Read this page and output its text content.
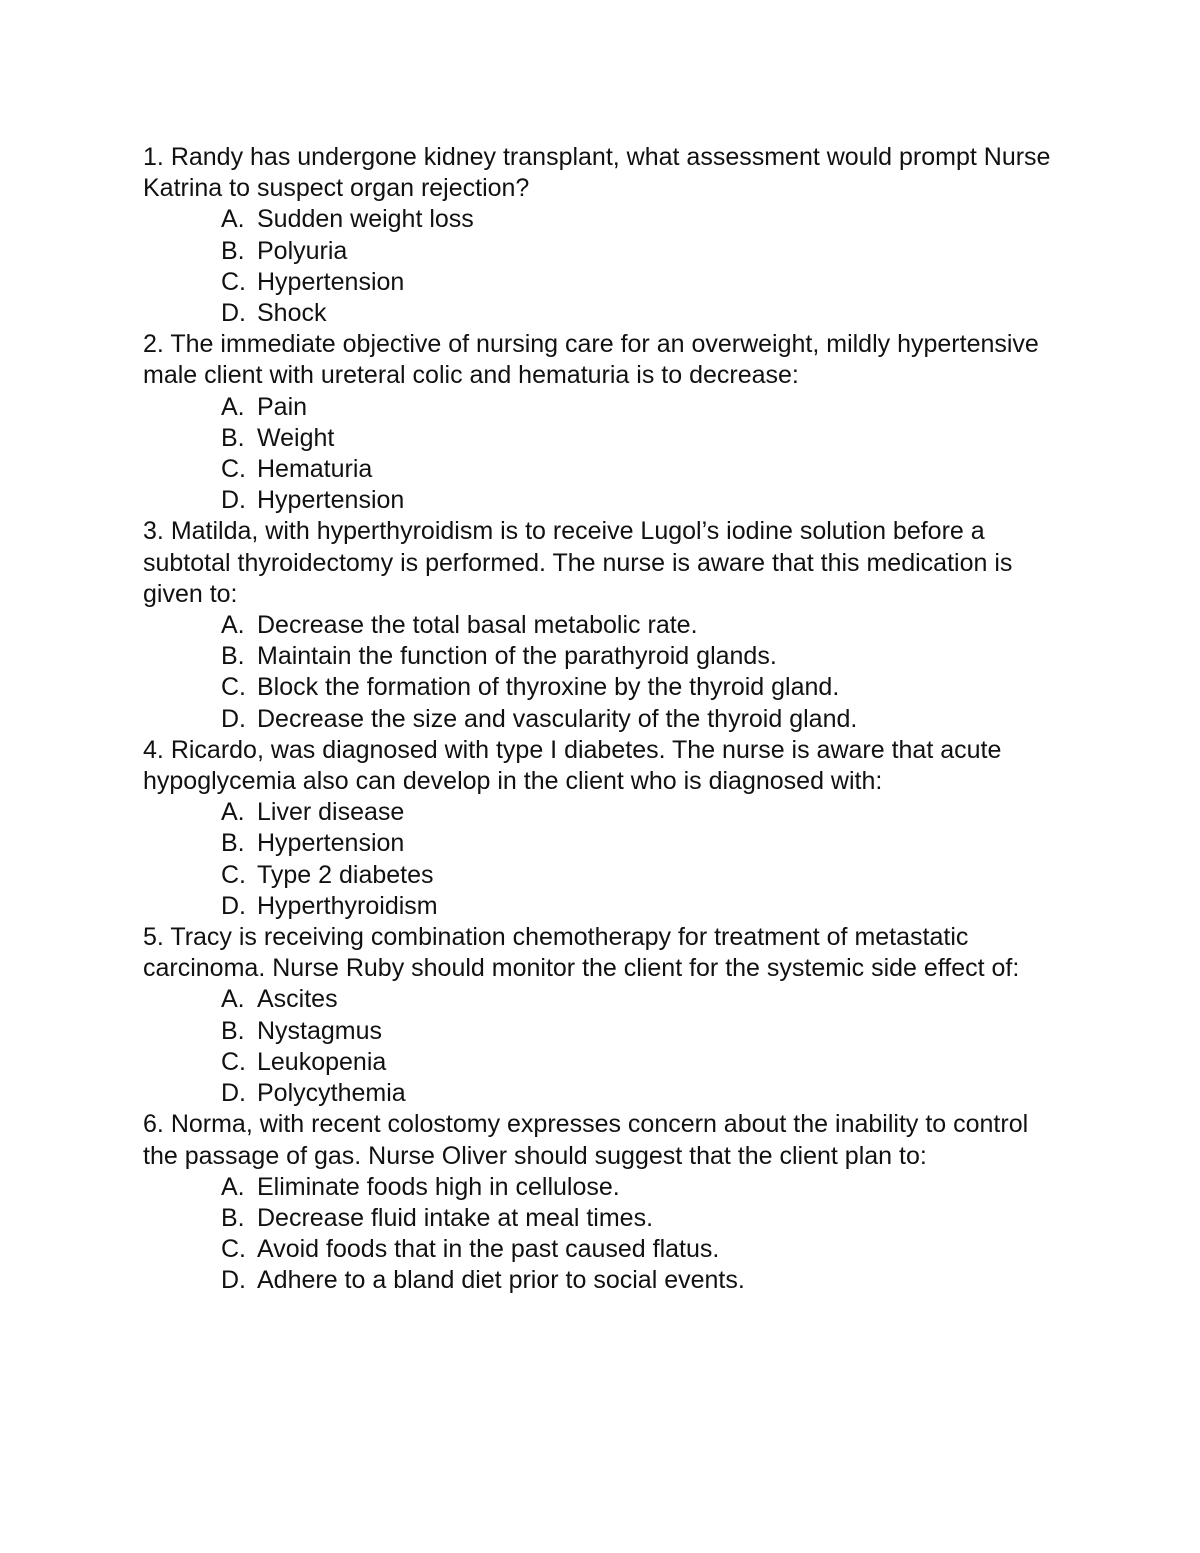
1. Randy has undergone kidney transplant, what assessment would prompt Nurse Katrina to suspect organ rejection?

A. Sudden weight loss
B. Polyuria
C. Hypertension
D. Shock

2. The immediate objective of nursing care for an overweight, mildly hypertensive male client with ureteral colic and hematuria is to decrease:

A. Pain
B. Weight
C. Hematuria
D. Hypertension

3. Matilda, with hyperthyroidism is to receive Lugol’s iodine solution before a subtotal thyroidectomy is performed. The nurse is aware that this medication is given to:

A. Decrease the total basal metabolic rate.
B. Maintain the function of the parathyroid glands.
C. Block the formation of thyroxine by the thyroid gland.
D. Decrease the size and vascularity of the thyroid gland.

4. Ricardo, was diagnosed with type I diabetes. The nurse is aware that acute hypoglycemia also can develop in the client who is diagnosed with:

A. Liver disease
B. Hypertension
C. Type 2 diabetes
D. Hyperthyroidism

5. Tracy is receiving combination chemotherapy for treatment of metastatic carcinoma. Nurse Ruby should monitor the client for the systemic side effect of:

A. Ascites
B. Nystagmus
C. Leukopenia
D. Polycythemia

6. Norma, with recent colostomy expresses concern about the inability to control the passage of gas. Nurse Oliver should suggest that the client plan to:

A. Eliminate foods high in cellulose.
B. Decrease fluid intake at meal times.
C. Avoid foods that in the past caused flatus.
D. Adhere to a bland diet prior to social events.
